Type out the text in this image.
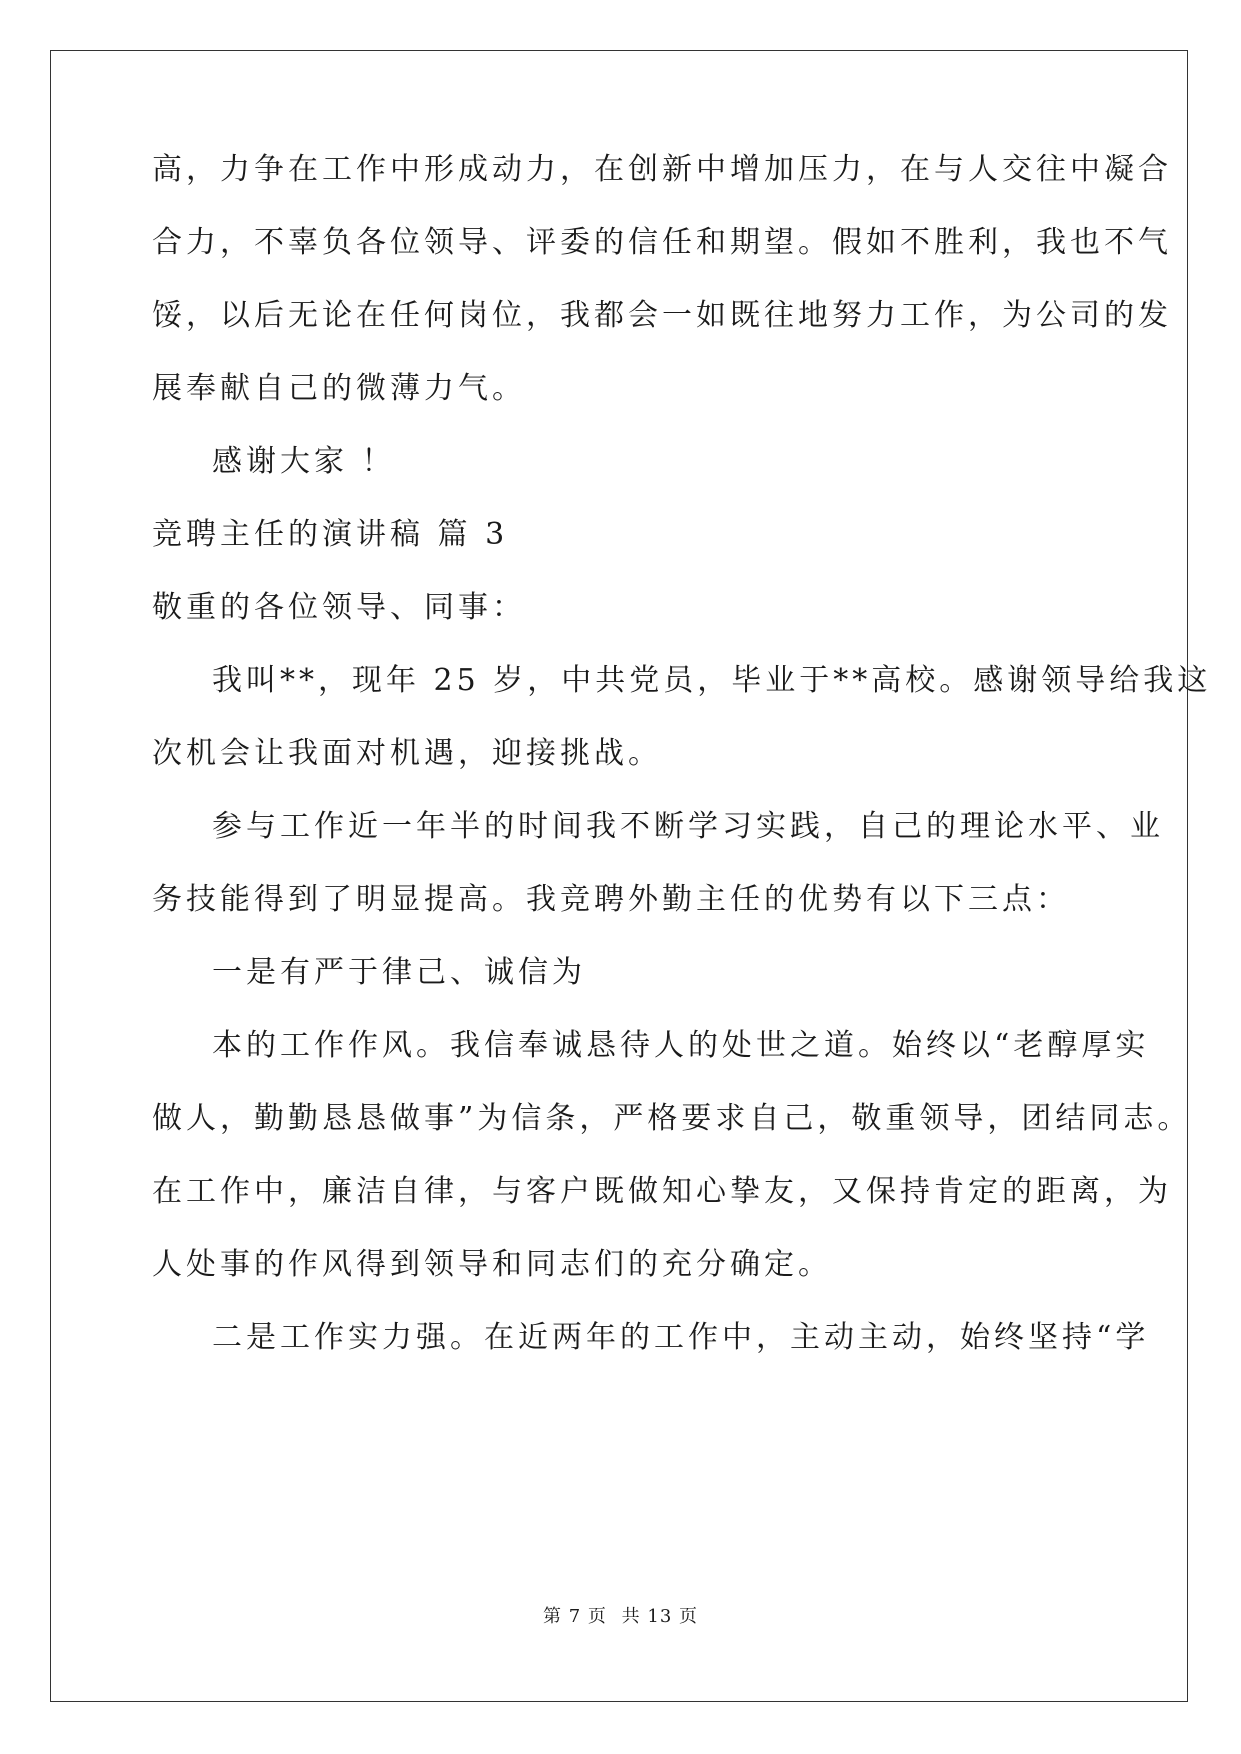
高，力争在工作中形成动力，在创新中增加压力，在与人交往中凝合
合力，不辜负各位领导、评委的信任和期望。假如不胜利，我也不气
馁，以后无论在任何岗位，我都会一如既往地努力工作，为公司的发
展奉献自己的微薄力气。
感谢大家 ！
竞聘主任的演讲稿 篇 3
敬重的各位领导、同事：
我叫**，现年 25 岁，中共党员，毕业于**高校。感谢领导给我这
次机会让我面对机遇，迎接挑战。
参与工作近一年半的时间我不断学习实践，自己的理论水平、业
务技能得到了明显提高。我竞聘外勤主任的优势有以下三点：
一是有严于律己、诚信为
本的工作作风。我信奉诚恳待人的处世之道。始终以“老醇厚实
做人，勤勤恳恳做事”为信条，严格要求自己，敬重领导，团结同志。
在工作中，廉洁自律，与客户既做知心挚友，又保持肯定的距离，为
人处事的作风得到领导和同志们的充分确定。
二是工作实力强。在近两年的工作中，主动主动，始终坚持“学
第 7 页 共 13 页
